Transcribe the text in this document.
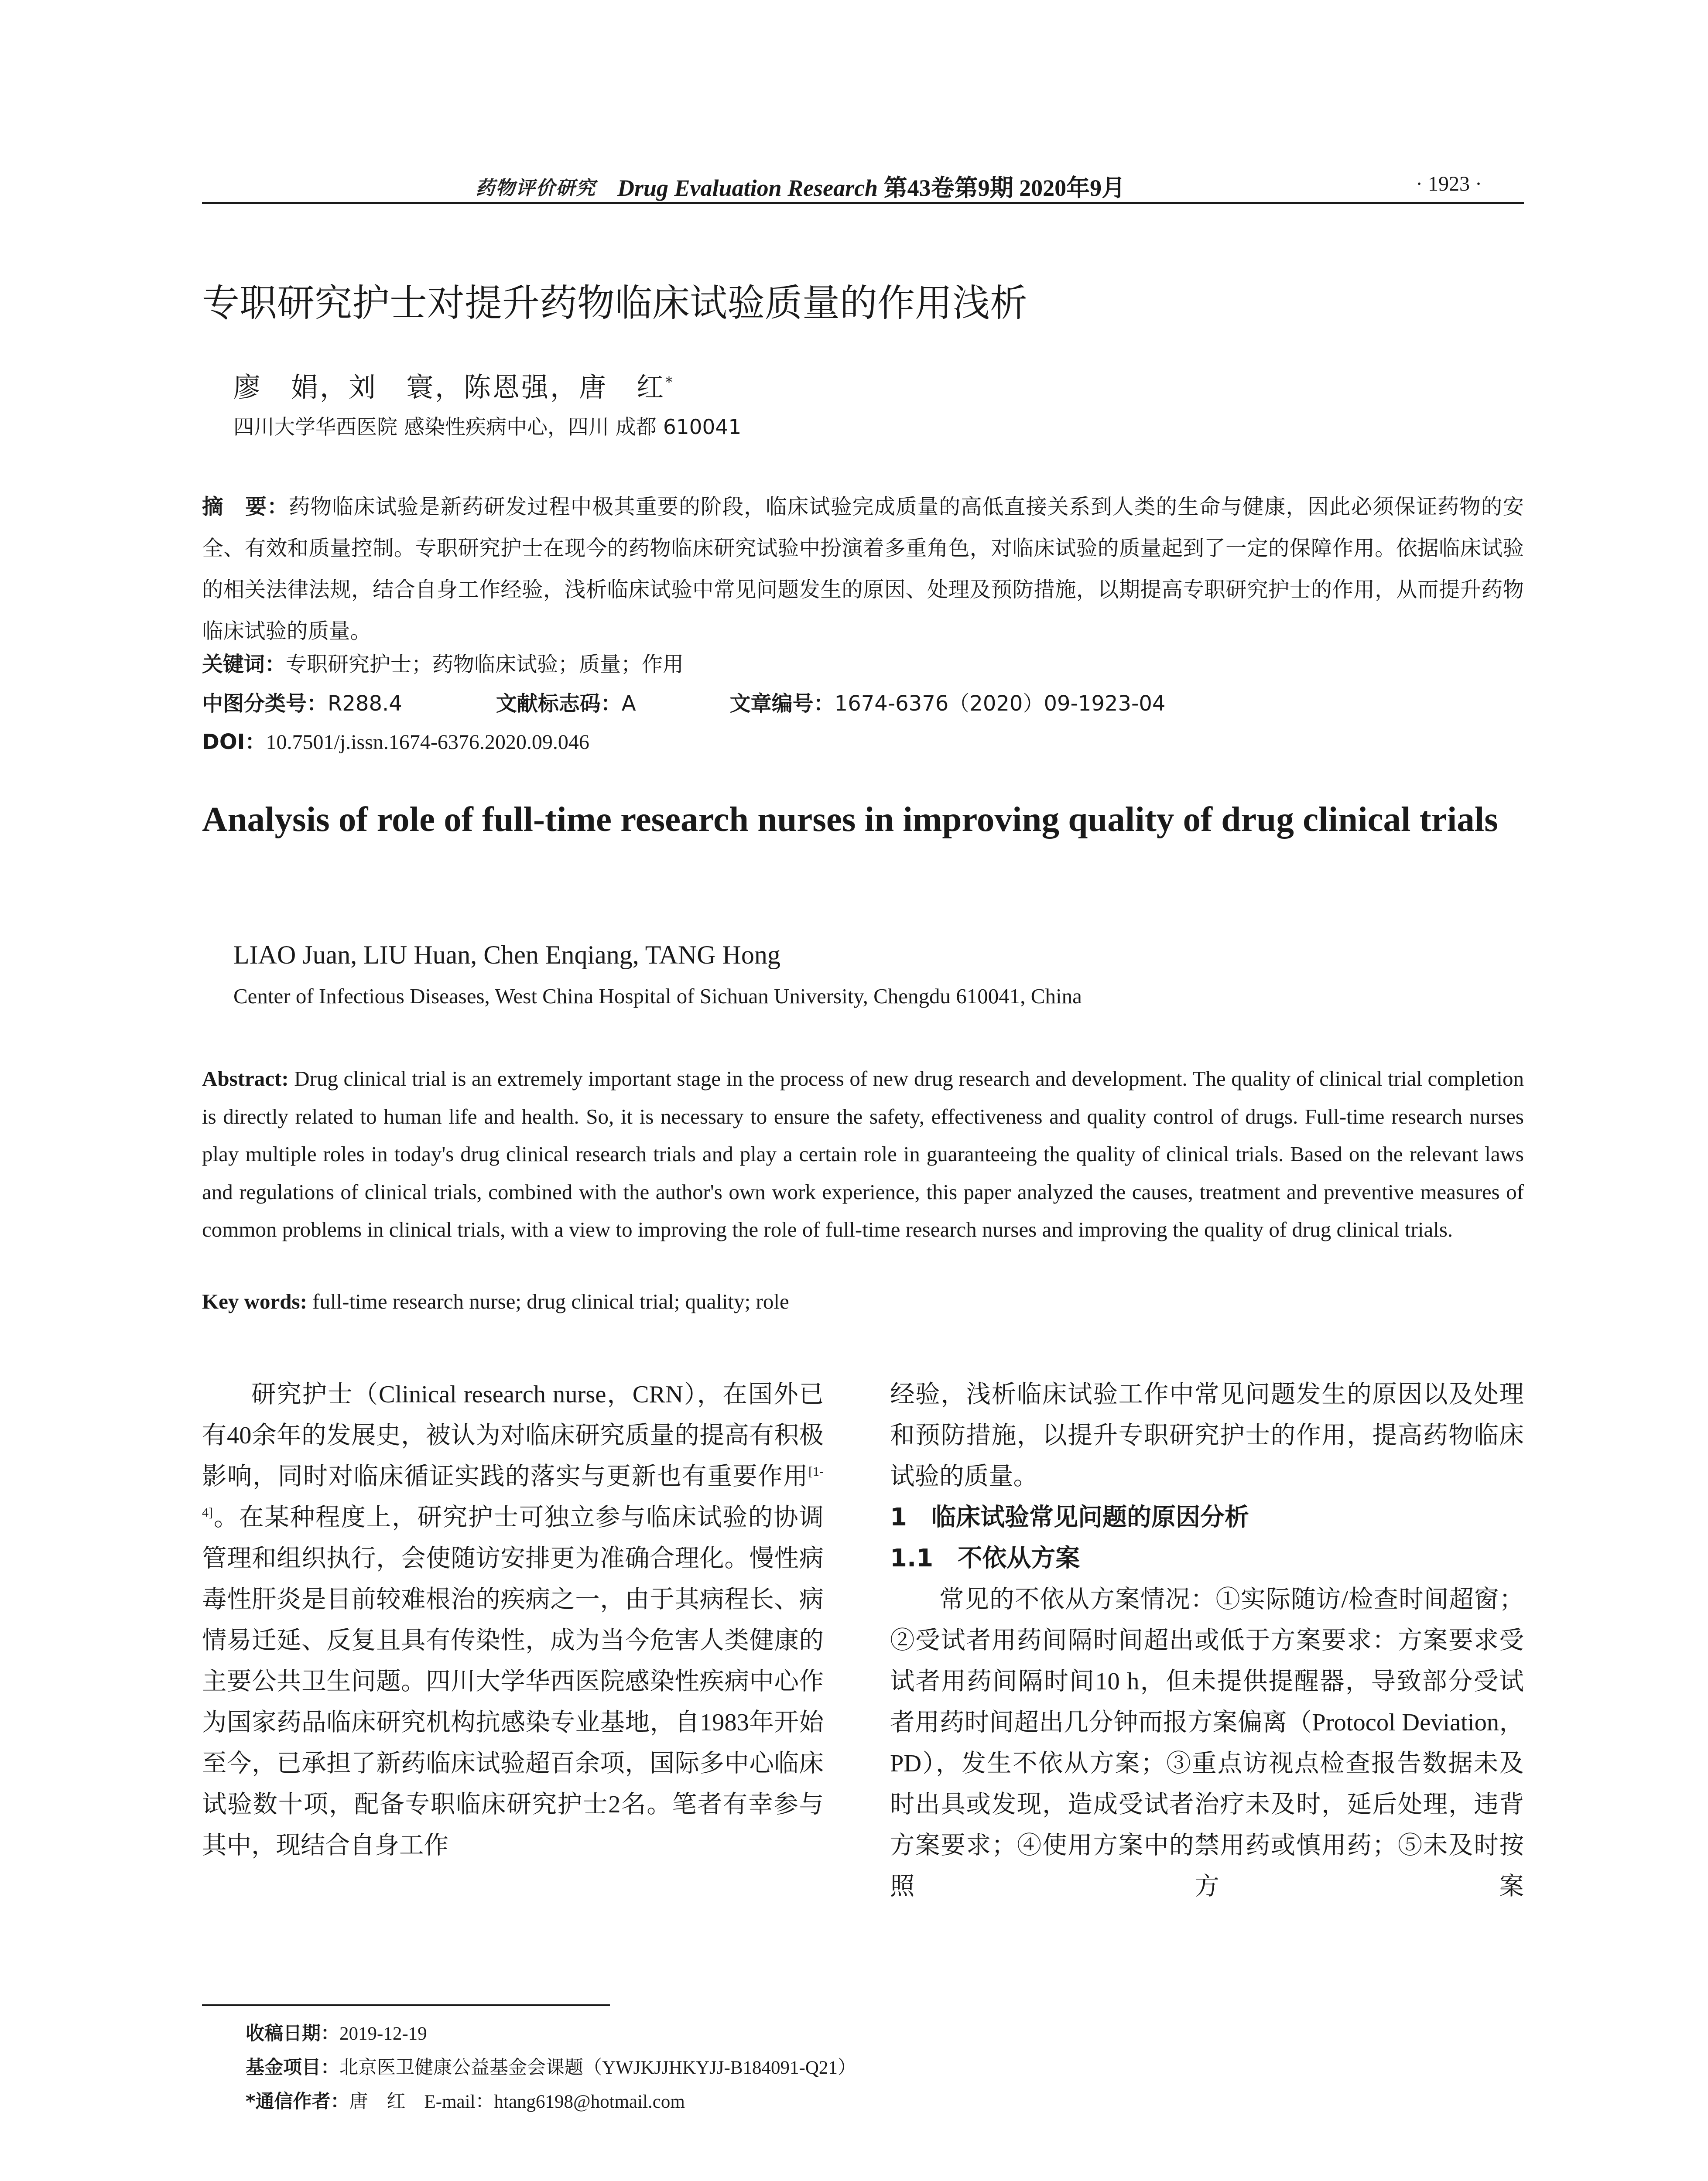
药物评价研究 Drug Evaluation Research 第43卷第9期 2020年9月	· 1923 ·
专职研究护士对提升药物临床试验质量的作用浅析
廖　娟，刘　寰，陈恩强，唐　红*
四川大学华西医院 感染性疾病中心，四川 成都 610041
摘　要：药物临床试验是新药研发过程中极其重要的阶段，临床试验完成质量的高低直接关系到人类的生命与健康，因此必须保证药物的安全、有效和质量控制。专职研究护士在现今的药物临床研究试验中扮演着多重角色，对临床试验的质量起到了一定的保障作用。依据临床试验的相关法律法规，结合自身工作经验，浅析临床试验中常见问题发生的原因、处理及预防措施，以期提高专职研究护士的作用，从而提升药物临床试验的质量。
关键词：专职研究护士；药物临床试验；质量；作用
中图分类号：R288.4	文献标志码：A	文章编号：1674-6376（2020）09-1923-04
DOI：10.7501/j.issn.1674-6376.2020.09.046
Analysis of role of full-time research nurses in improving quality of drug clinical trials
LIAO Juan, LIU Huan, Chen Enqiang, TANG Hong
Center of Infectious Diseases, West China Hospital of Sichuan University, Chengdu 610041, China
Abstract: Drug clinical trial is an extremely important stage in the process of new drug research and development. The quality of clinical trial completion is directly related to human life and health. So, it is necessary to ensure the safety, effectiveness and quality control of drugs. Full-time research nurses play multiple roles in today's drug clinical research trials and play a certain role in guaranteeing the quality of clinical trials. Based on the relevant laws and regulations of clinical trials, combined with the author's own work experience, this paper analyzed the causes, treatment and preventive measures of common problems in clinical trials, with a view to improving the role of full-time research nurses and improving the quality of drug clinical trials.
Key words: full-time research nurse; drug clinical trial; quality; role
研究护士（Clinical research nurse，CRN），在国外已有40余年的发展史，被认为对临床研究质量的提高有积极影响，同时对临床循证实践的落实与更新也有重要作用[1-4]。在某种程度上，研究护士可独立参与临床试验的协调管理和组织执行，会使随访安排更为准确合理化。慢性病毒性肝炎是目前较难根治的疾病之一，由于其病程长、病情易迁延、反复且具有传染性，成为当今危害人类健康的主要公共卫生问题。四川大学华西医院感染性疾病中心作为国家药品临床研究机构抗感染专业基地，自1983年开始至今，已承担了新药临床试验超百余项，国际多中心临床试验数十项，配备专职临床研究护士2名。笔者有幸参与其中，现结合自身工作
经验，浅析临床试验工作中常见问题发生的原因以及处理和预防措施，以提升专职研究护士的作用，提高药物临床试验的质量。
1　临床试验常见问题的原因分析
1.1　不依从方案
常见的不依从方案情况：①实际随访/检查时间超窗；②受试者用药间隔时间超出或低于方案要求：方案要求受试者用药间隔时间10 h，但未提供提醒器，导致部分受试者用药时间超出几分钟而报方案偏离（Protocol Deviation，PD），发生不依从方案；③重点访视点检查报告数据未及时出具或发现，造成受试者治疗未及时，延后处理，违背方案要求；④使用方案中的禁用药或慎用药；⑤未及时按照方案
收稿日期：2019-12-19
基金项目：北京医卫健康公益基金会课题（YWJKJJHKYJJ-B184091-Q21）
*通信作者：唐　红　E-mail：htang6198@hotmail.com
